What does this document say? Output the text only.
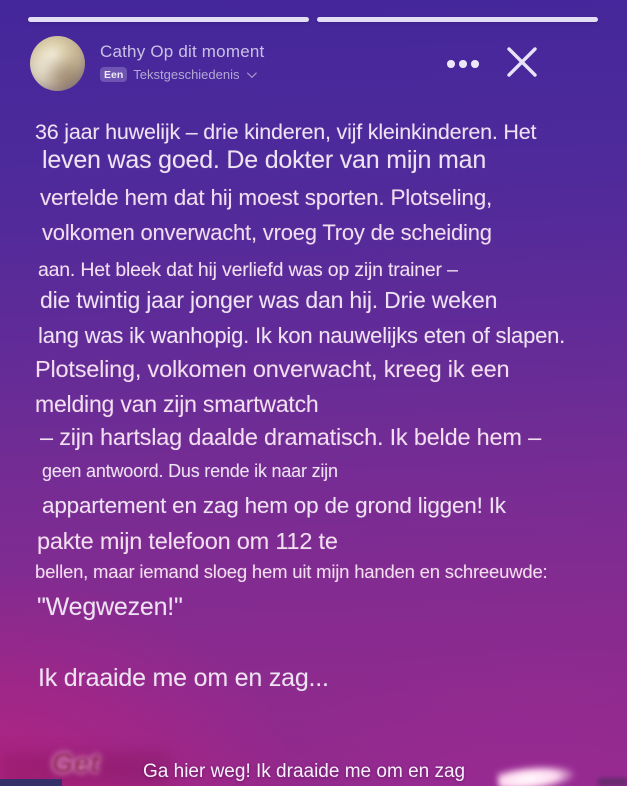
Cathy Op dit moment
Een Tekstgeschiedenis
36 jaar huwelijk – drie kinderen, vijf kleinkinderen. Het
leven was goed. De dokter van mijn man
vertelde hem dat hij moest sporten. Plotseling,
volkomen onverwacht, vroeg Troy de scheiding
aan. Het bleek dat hij verliefd was op zijn trainer –
die twintig jaar jonger was dan hij. Drie weken
lang was ik wanhopig. Ik kon nauwelijks eten of slapen.
Plotseling, volkomen onverwacht, kreeg ik een
melding van zijn smartwatch
– zijn hartslag daalde dramatisch. Ik belde hem –
geen antwoord. Dus rende ik naar zijn
appartement en zag hem op de grond liggen! Ik
pakte mijn telefoon om 112 te
bellen, maar iemand sloeg hem uit mijn handen en schreeuwde:
"Wegwezen!"
Ik draaide me om en zag...
Get Ga hier weg! Ik draaide me om en zag
